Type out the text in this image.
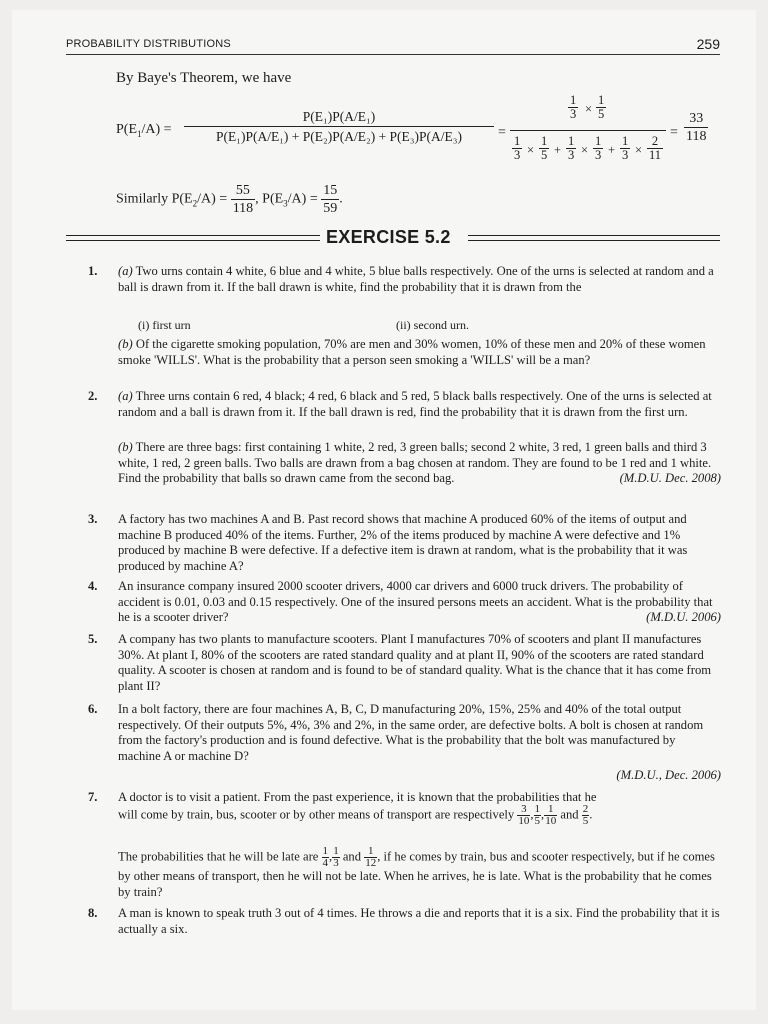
PROBABILITY DISTRIBUTIONS	259
By Baye's Theorem, we have
$P(E_1/A) = \frac{\text{P(E₁)P(A/E₁)}}{\text{P(E₁)P(A/E₁) + P(E₂)P(A/E₂) + P(E₃)P(A/E₃)}}$ =
$\frac{1}{3} \times \frac{1}{5}$
$\frac{1}{3} \times \frac{1}{5} + \frac{1}{3} \times \frac{1}{3} + \frac{1}{3} \times \frac{2}{11}$
= $\frac{33}{118}$
Similarly $P(E_2/A) = \frac{55}{118}$ , $P(E_3/A) = \frac{15}{59}$ .
EXERCISE 5.2
1. (a) Two urns contain 4 white, 6 blue and 4 white, 5 blue balls respectively. One of the urns is selected at random and a ball is drawn from it. If the ball drawn is white, find the probability that it is drawn from the
(i) first urn	(ii) second urn.
(b) Of the cigarette smoking population, 70% are men and 30% women, 10% of these men and 20% of these women smoke 'WILLS'. What is the probability that a person seen smoking a 'WILLS' will be a man?
2. (a) Three urns contain 6 red, 4 black; 4 red, 6 black and 5 red, 5 black balls respectively. One of the urns is selected at random and a ball is drawn from it. If the ball drawn is red, find the probability that it is drawn from the first urn.
(b) There are three bags: first containing 1 white, 2 red, 3 green balls; second 2 white, 3 red, 1 green balls and third 3 white, 1 red, 2 green balls. Two balls are drawn from a bag chosen at random. They are found to be 1 red and 1 white. Find the probability that balls so drawn came from the second bag.	(M.D.U. Dec. 2008)
3. A factory has two machines A and B. Past record shows that machine A produced 60% of the items of output and machine B produced 40% of the items. Further, 2% of the items produced by machine A were defective and 1% produced by machine B were defective. If a defective item is drawn at random, what is the probability that it was produced by machine A?
4. An insurance company insured 2000 scooter drivers, 4000 car drivers and 6000 truck drivers. The probability of accident is 0.01, 0.03 and 0.15 respectively. One of the insured persons meets an accident. What is the probability that he is a scooter driver?	(M.D.U. 2006)
5. A company has two plants to manufacture scooters. Plant I manufactures 70% of scooters and plant II manufactures 30%. At plant I, 80% of the scooters are rated standard quality and at plant II, 90% of the scooters are rated standard quality. A scooter is chosen at random and is found to be of standard quality. What is the chance that it has come from plant II?
6. In a bolt factory, there are four machines A, B, C, D manufacturing 20%, 15%, 25% and 40% of the total output respectively. Of their outputs 5%, 4%, 3% and 2%, in the same order, are defective bolts. A bolt is chosen at random from the factory's production and is found defective. What is the probability that the bolt was manufactured by machine A or machine D?
(M.D.U., Dec. 2006)
7. A doctor is to visit a patient. From the past experience, it is known that the probabilities that he
will come by train, bus, scooter or by other means of transport are respectively $\frac{3}{10}$ , $\frac{1}{5}$ , $\frac{1}{10}$ and $\frac{2}{5}$ .
The probabilities that he will be late are $\frac{1}{4}$ , $\frac{1}{3}$ and $\frac{1}{12}$ , if he comes by train, bus and scooter respectively, but if he comes by other means of transport, then he will not be late. When he arrives, he is late. What is the probability that he comes by train?
8. A man is known to speak truth 3 out of 4 times. He throws a die and reports that it is a six. Find the probability that it is actually a six.
